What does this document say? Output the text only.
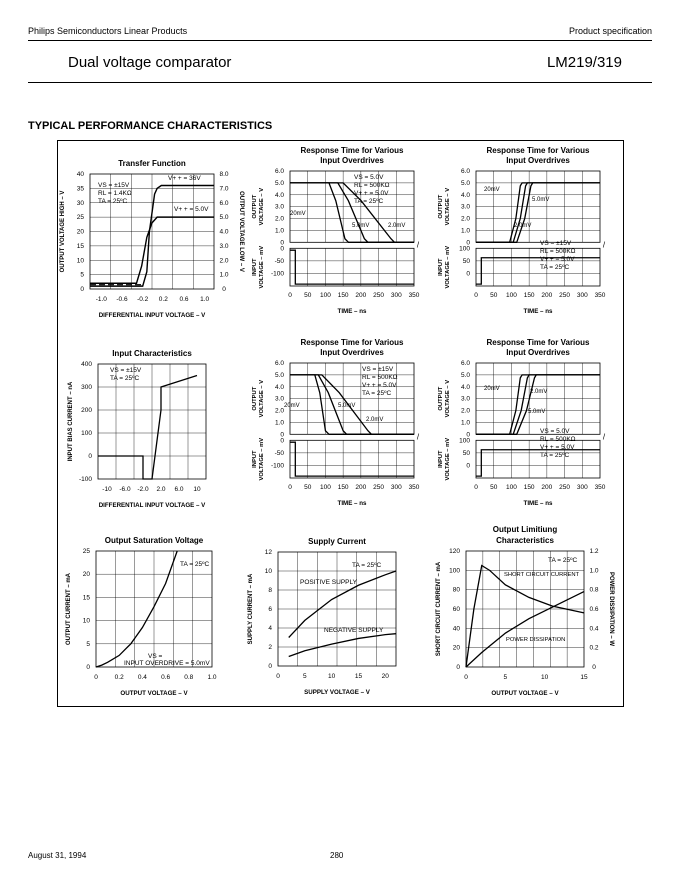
Philips Semiconductors Linear Products	Product specification
Dual voltage comparator	LM219/319
TYPICAL PERFORMANCE CHARACTERISTICS
Transfer Function
0
5
10
15
20
25
30
35
40
0
1.0
2.0
3.0
4.0
5.0
6.0
7.0
8.0
-1.0 -0.6 -0.2 0.2 0.6 1.0
DIFFERENTIAL INPUT VOLTAGE – V
OUTPUT VOLTAGE HIGH – V	OUTPUT VOLTAGE LOW – V
VS = ±15V
RL = 1.4KΩ
TA = 25ºC
V+ + = 36V
V+ + = 5.0V
Response Time for Various
Input Overdrives
6.0
5.0
4.0
3.0
2.0
1.0
0
0
-50
-100
0 50 100 150 200 250 300 350
TIME – ns
OUTPUT VOLTAGE – V
INPUT VOLTAGE – mV
/
VS = 5.0V
RL = 500KΩ
V+ + = 5.0V
TA = 25ºC
20mV
5.0mV	2.0mV
Response Time for Various
Input Overdrives
6.0
5.0
4.0
3.0
2.0
1.0
0
100
50
0
0 50 100 150 200 250 300 350
TIME – ns
OUTPUT VOLTAGE – V
INPUT VOLTAGE – mV
/
VS = ±15V
RL = 500KΩ
V+ + = 5.0V
TA = 25ºC
20mV
5.0mV
2.0mV
Response Time for Various
Input Overdrives
6.0
5.0
4.0
3.0
2.0
1.0
0
0
-50
-100
0 50 100 150 200 250 300 350
TIME – ns
OUTPUT VOLTAGE – V
INPUT VOLTAGE – mV
/
VS = ±15V
RL = 500KΩ
V+ + = 5.0V
TA = 25ºC
20mV	5.0mV
2.0mV
Response Time for Various
Input Overdrives
6.0
5.0
4.0
3.0
2.0
1.0
0
100
50
0
0 50 100 150 200 250 300 350
TIME – ns
OUTPUT VOLTAGE – V
INPUT VOLTAGE – mV
/
VS = 5.0V
RL = 500KΩ
V+ + = 5.0V
TA = 25ºC
20mV	2.0mV
5.0mV
Input Characteristics
400
300
200
100
0
-100
-10 -6.0 -2.0 2.0 6.0 10
DIFFERENTIAL INPUT VOLTAGE – V
INPUT BIAS CURRENT – nA
VS = ±15V
TA = 25ºC
Output Saturation Voltage
25
20
15
10
5
0
0	0.2 0.4 0.6 0.8 1.0
OUTPUT VOLTAGE – V
OUTPUT CURRENT – mA
TA = 25ºC
VS =
INPUT OVERDRIVE = 5.0mV
Supply Current
12
10
8
6
4
2
0
0	5	10	15	20
SUPPLY VOLTAGE – V
SUPPLY CURRENT – mA
TA = 25ºC
POSITIVE SUPPLY
NEGATIVE SUPPLY
Output Limitiung
Characteristics
120
100
80
60
40
20
0
1.2
1.0
0.8
0.6
0.4
0.2
0
0	5	10	15
OUTPUT VOLTAGE – V
SHORT CIRCUIT CURRENT – mA	POWER DISSIPATION – W
TA = 25ºC
SHORT CIRCUIT CURRENT
POWER DISSIPATION
August 31, 1994	280
